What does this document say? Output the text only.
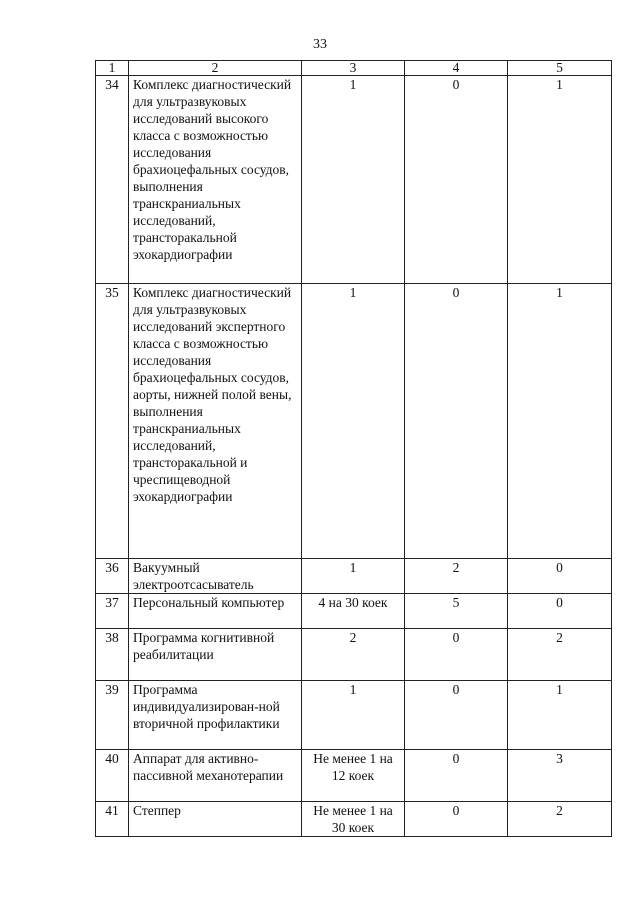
33
1	2	3	4	5
34	Комплекс диагностический для ультразвуковых исследований высокого класса с возможностью исследования брахиоцефальных сосудов, выполнения транскраниальных исследований, трансторакальной эхокардиографии	1	0	1
35	Комплекс диагностический для ультразвуковых исследований экспертного класса с возможностью исследования брахиоцефальных сосудов, аорты, нижней полой вены, выполнения транскраниальных исследований, трансторакальной и чреспищеводной эхокардиографии	1	0	1
36	Вакуумный электроотсасыватель	1	2	0
37	Персональный компьютер	4 на 30 коек	5	0
38	Программа когнитивной реабилитации	2	0	2
39	Программа индивидуализирован-ной вторичной профилактики	1	0	1
40	Аппарат для активно-пассивной механотерапии	Не менее 1 на 12 коек	0	3
41	Степпер	Не менее 1 на 30 коек	0	2
